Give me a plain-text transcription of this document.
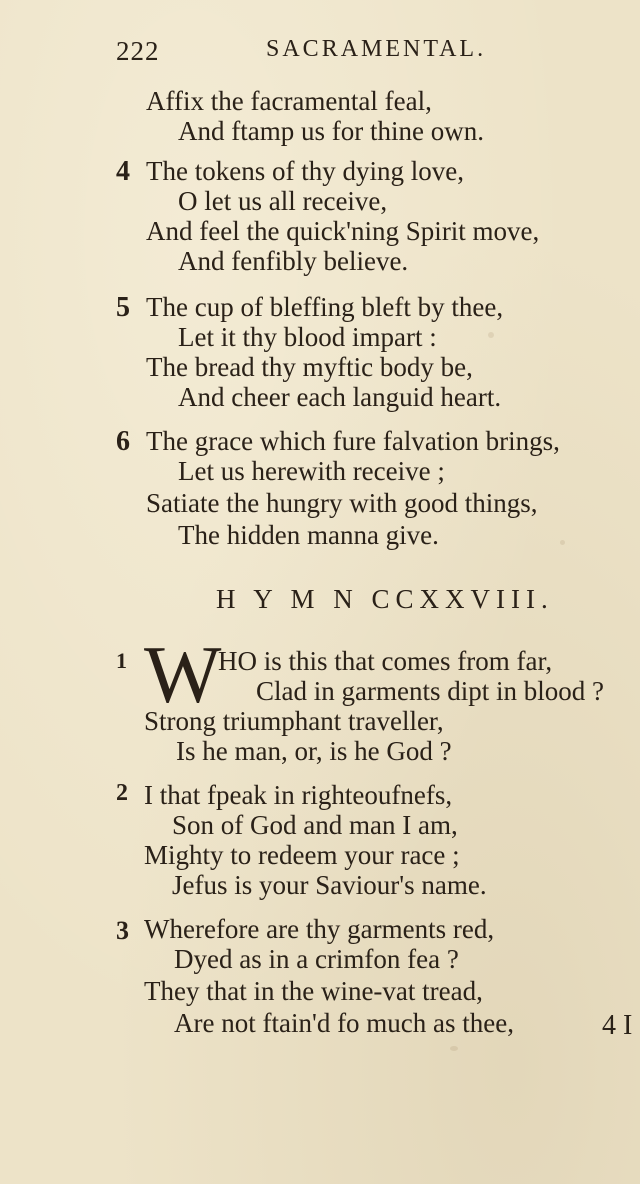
222	SACRAMENTAL.
Affix the facramental feal,
And ftamp us for thine own.
4 The tokens of thy dying love,
O let us all receive,
And feel the quick'ning Spirit move,
And fenfibly believe.
5 The cup of bleffing bleft by thee,
Let it thy blood impart :
The bread thy myftic body be,
And cheer each languid heart.
6 The grace which fure falvation brings,
Let us herewith receive ;
Satiate the hungry with good things,
The hidden manna give.
H Y M N CCXXVIII.
1 W
HO is this that comes from far,
Clad in garments dipt in blood ?
Strong triumphant traveller,
Is he man, or, is he God ?
2 I that fpeak in righteoufnefs,
Son of God and man I am,
Mighty to redeem your race ;
Jefus is your Saviour's name.
3 Wherefore are thy garments red,
Dyed as in a crimfon fea ?
They that in the wine-vat tread,
Are not ftain'd fo much as thee,	4 I
